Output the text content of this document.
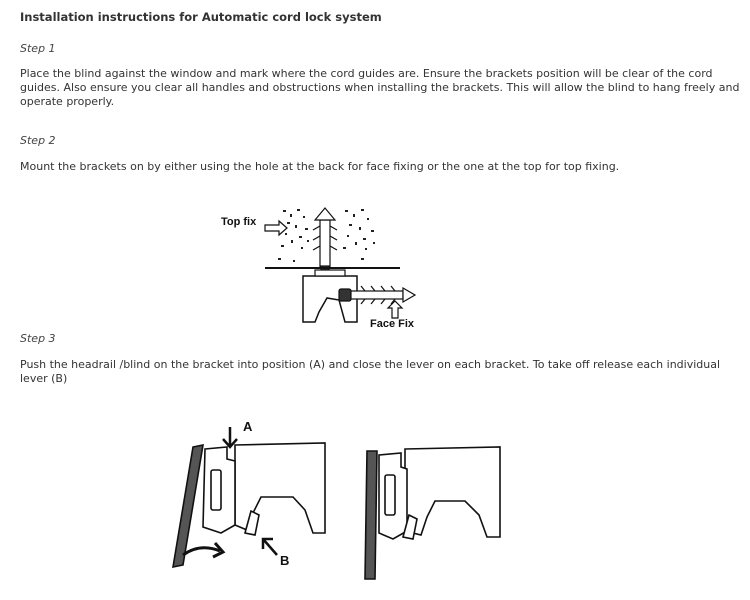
Installation instructions for Automatic cord lock system
Step 1
Place the blind against the window and mark where the cord guides are. Ensure the brackets position will be clear of the cord guides. Also ensure you clear all handles and obstructions when installing the brackets. This will allow the blind to hang freely and operate properly.
Step 2
Mount the brackets on by either using the hole at the back for face fixing or the one at the top for top fixing.
Top fix
Face Fix
Step 3
Push the headrail /blind on the bracket into position (A) and close the lever on each bracket. To take off release each individual lever (B)
A
B
